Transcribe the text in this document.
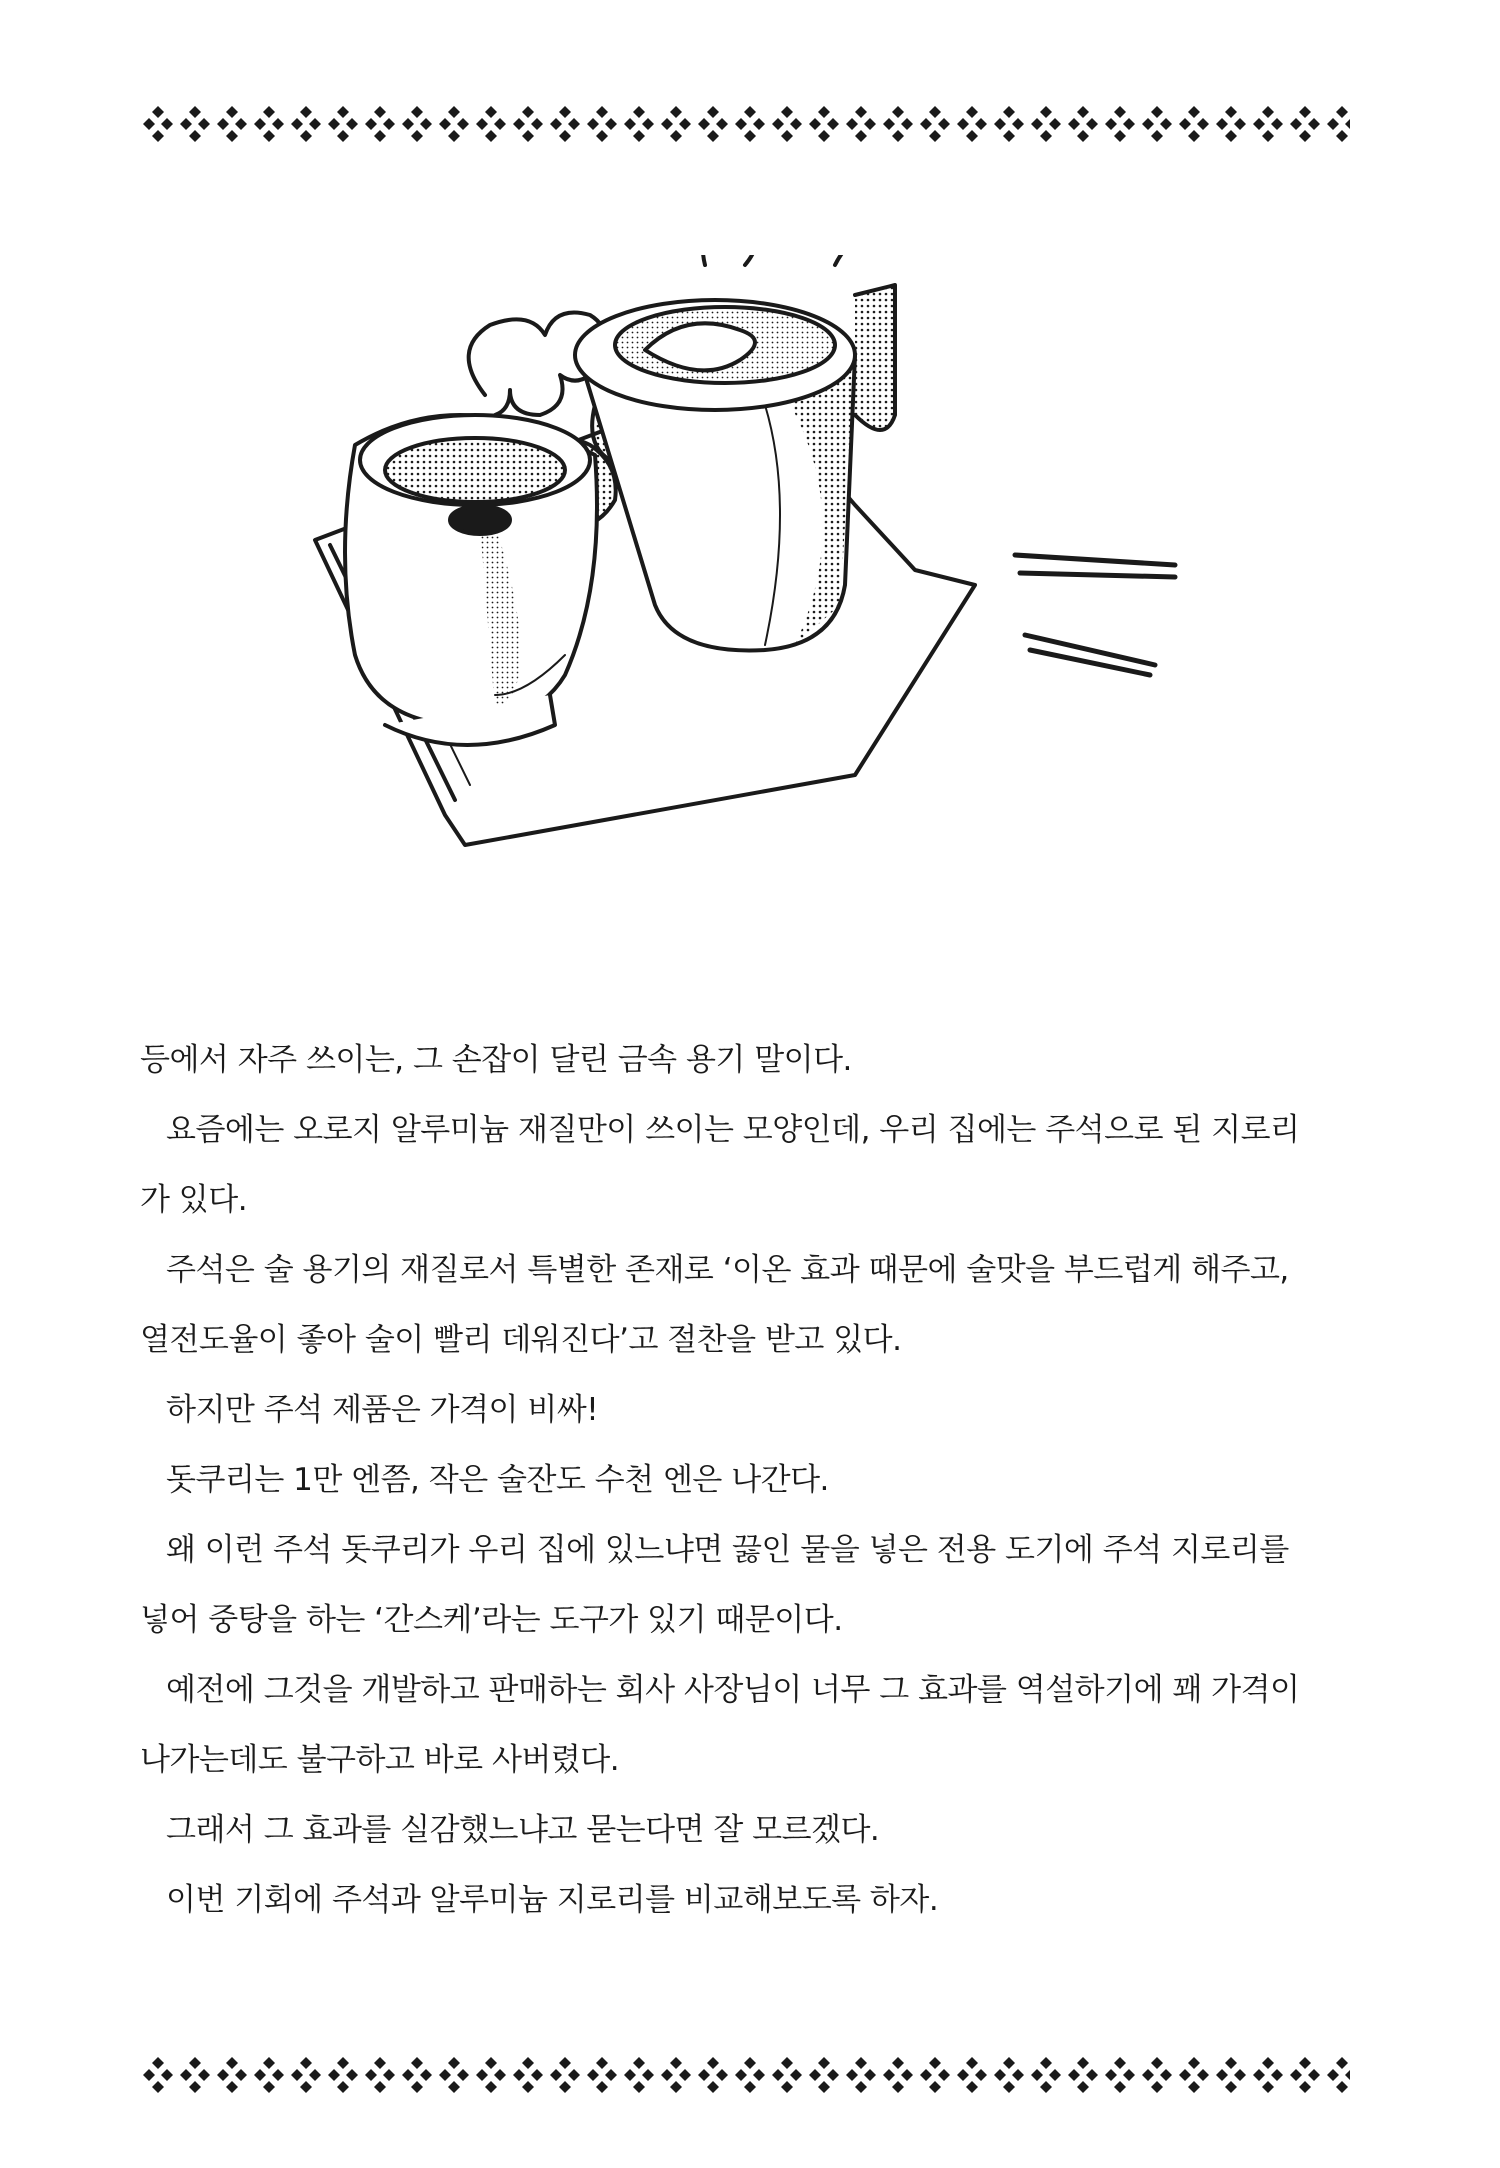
등에서 자주 쓰이는, 그 손잡이 달린 금속 용기 말이다.

요즘에는 오로지 알루미늄 재질만이 쓰이는 모양인데, 우리 집에는 주석으로 된 지로리

가 있다.

주석은 술 용기의 재질로서 특별한 존재로 ‘이온 효과 때문에 술맛을 부드럽게 해주고,

열전도율이 좋아 술이 빨리 데워진다’고 절찬을 받고 있다.

하지만 주석 제품은 가격이 비싸!

돗쿠리는 1만 엔쯤, 작은 술잔도 수천 엔은 나간다.

왜 이런 주석 돗쿠리가 우리 집에 있느냐면 끓인 물을 넣은 전용 도기에 주석 지로리를

넣어 중탕을 하는 ‘간스케’라는 도구가 있기 때문이다.

예전에 그것을 개발하고 판매하는 회사 사장님이 너무 그 효과를 역설하기에 꽤 가격이

나가는데도 불구하고 바로 사버렸다.

그래서 그 효과를 실감했느냐고 묻는다면 잘 모르겠다.

이번 기회에 주석과 알루미늄 지로리를 비교해보도록 하자.
